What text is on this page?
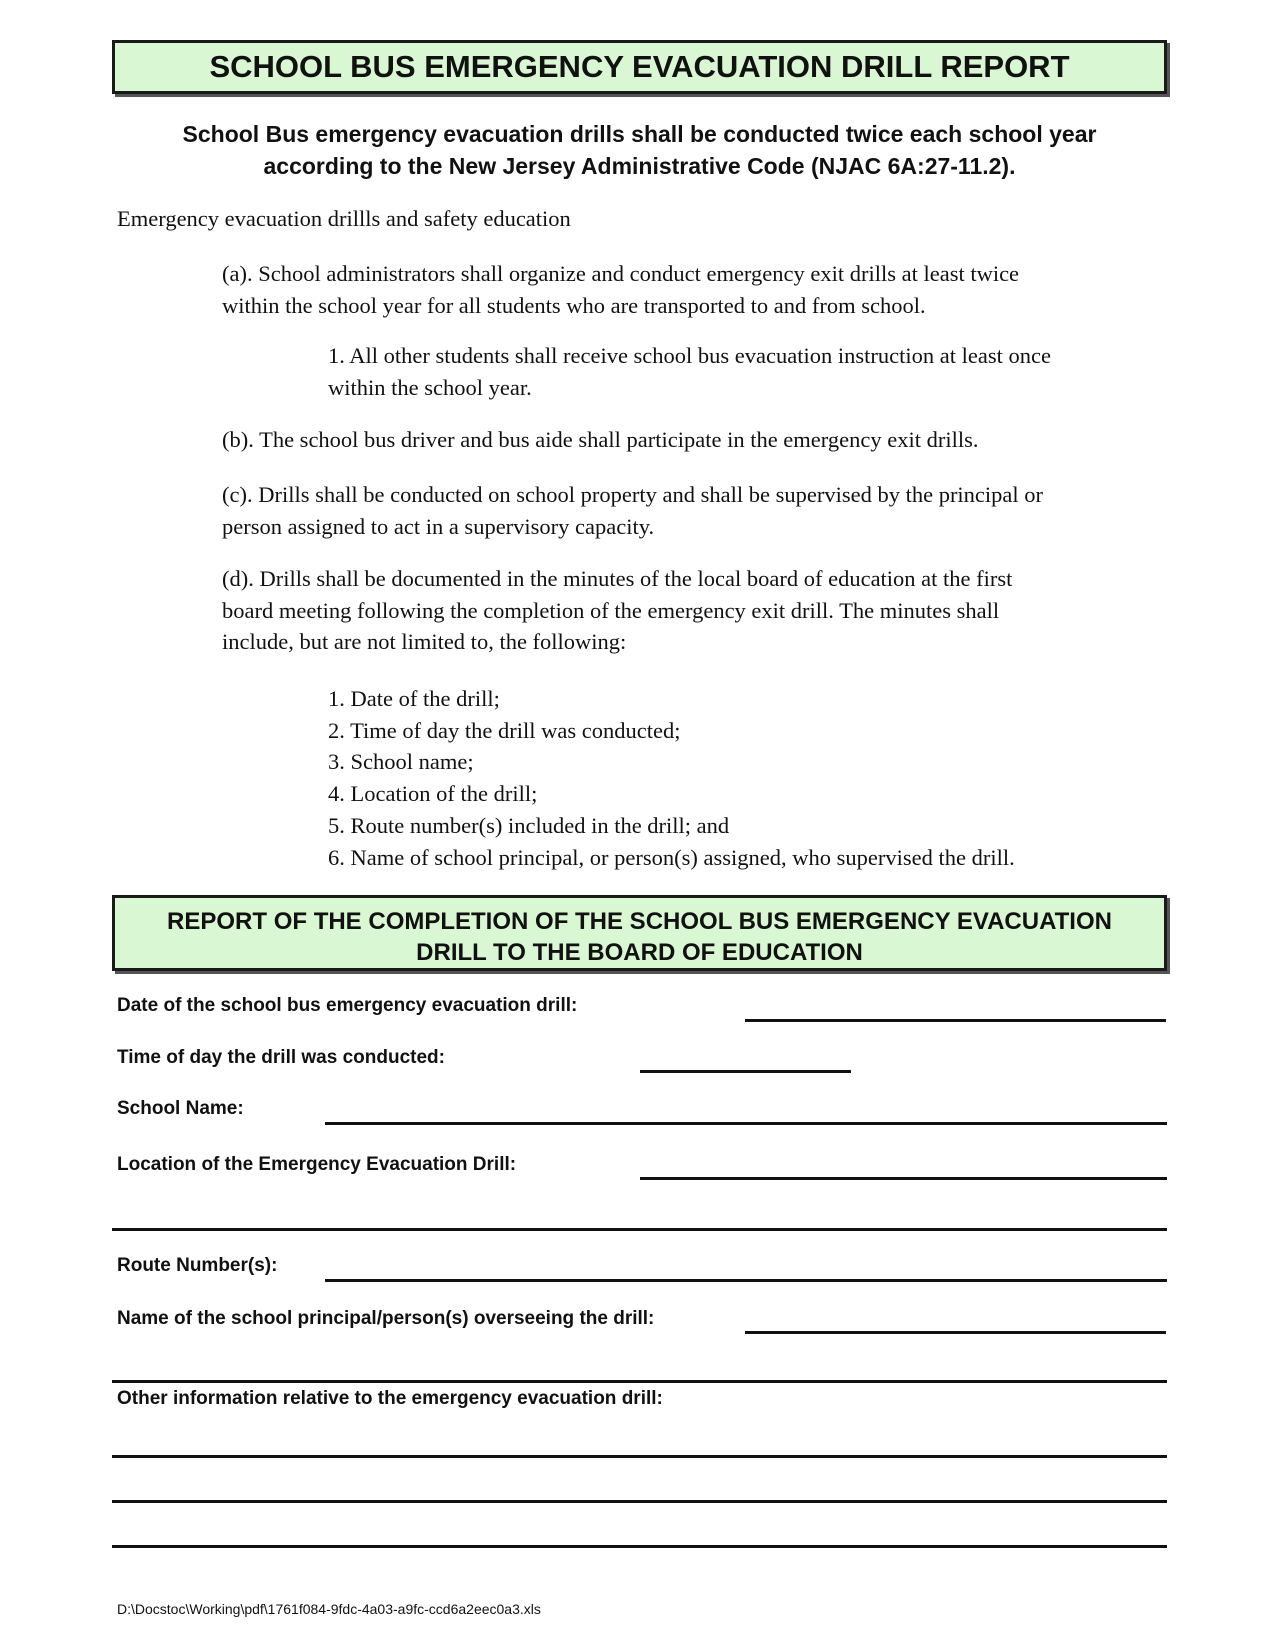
SCHOOL BUS EMERGENCY EVACUATION DRILL REPORT
School Bus emergency evacuation drills shall be conducted twice each school year
according to the New Jersey Administrative Code (NJAC 6A:27-11.2).
Emergency evacuation drillls and safety education
(a). School administrators shall organize and conduct emergency exit drills at least twice
within the school year for all students who are transported to and from school.
1. All other students shall receive school bus evacuation instruction at least once
within the school year.
(b). The school bus driver and bus aide shall participate in the emergency exit drills.
(c). Drills shall be conducted on school property and shall be supervised by the principal or
person assigned to act in a supervisory capacity.
(d). Drills shall be documented in the minutes of the local board of education at the first
board meeting following the completion of the emergency exit drill. The minutes shall
include, but are not limited to, the following:
1. Date of the drill;
2. Time of day the drill was conducted;
3. School name;
4. Location of the drill;
5. Route number(s) included in the drill; and
6. Name of school principal, or person(s) assigned, who supervised the drill.
REPORT OF THE COMPLETION OF THE SCHOOL BUS EMERGENCY EVACUATION
DRILL TO THE BOARD OF EDUCATION
Date of the school bus emergency evacuation drill:
Time of day the drill was conducted:
School Name:
Location of the Emergency Evacuation Drill:
Route Number(s):
Name of the school principal/person(s) overseeing the drill:
Other information relative to the emergency evacuation drill:
D:\Docstoc\Working\pdf\1761f084-9fdc-4a03-a9fc-ccd6a2eec0a3.xls
